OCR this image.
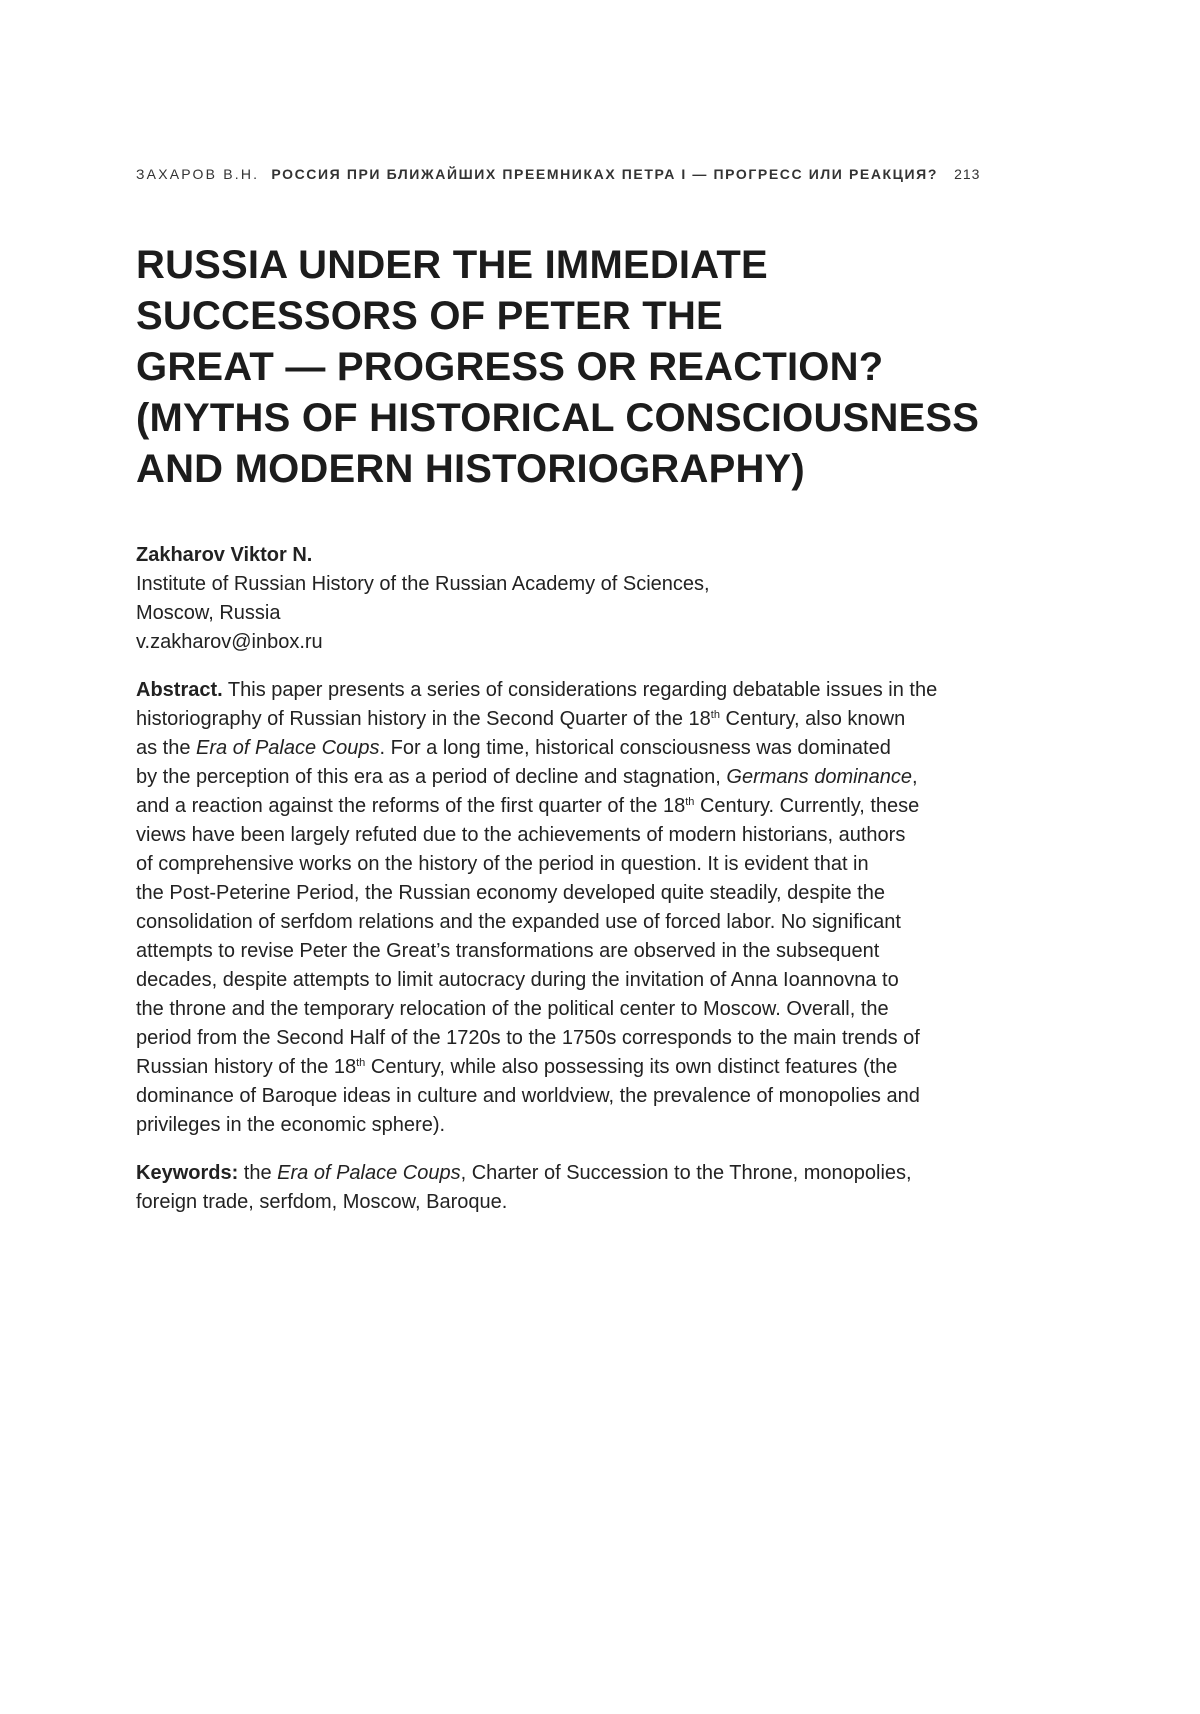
ЗАХАРОВ В.Н. РОССИЯ ПРИ БЛИЖАЙШИХ ПРЕЕМНИКАХ ПЕТРА I — ПРОГРЕСС ИЛИ РЕАКЦИЯ? 213
RUSSIA UNDER THE IMMEDIATE
SUCCESSORS OF PETER THE
GREAT — PROGRESS OR REACTION?
(MYTHS OF HISTORICAL CONSCIOUSNESS
AND MODERN HISTORIOGRAPHY)
Zakharov Viktor N.
Institute of Russian History of the Russian Academy of Sciences,
Moscow, Russia
v.zakharov@inbox.ru
Abstract. This paper presents a series of considerations regarding debatable issues in the
historiography of Russian history in the Second Quarter of the 18th Century, also known
as the Era of Palace Coups. For a long time, historical consciousness was dominated
by the perception of this era as a period of decline and stagnation, Germans dominance,
and a reaction against the reforms of the first quarter of the 18th Century. Currently, these
views have been largely refuted due to the achievements of modern historians, authors
of comprehensive works on the history of the period in question. It is evident that in
the Post-Peterine Period, the Russian economy developed quite steadily, despite the
consolidation of serfdom relations and the expanded use of forced labor. No significant
attempts to revise Peter the Great’s transformations are observed in the subsequent
decades, despite attempts to limit autocracy during the invitation of Anna Ioannovna to
the throne and the temporary relocation of the political center to Moscow. Overall, the
period from the Second Half of the 1720s to the 1750s corresponds to the main trends of
Russian history of the 18th Century, while also possessing its own distinct features (the
dominance of Baroque ideas in culture and worldview, the prevalence of monopolies and
privileges in the economic sphere).
Keywords: the Era of Palace Coups, Charter of Succession to the Throne, monopolies,
foreign trade, serfdom, Moscow, Baroque.
